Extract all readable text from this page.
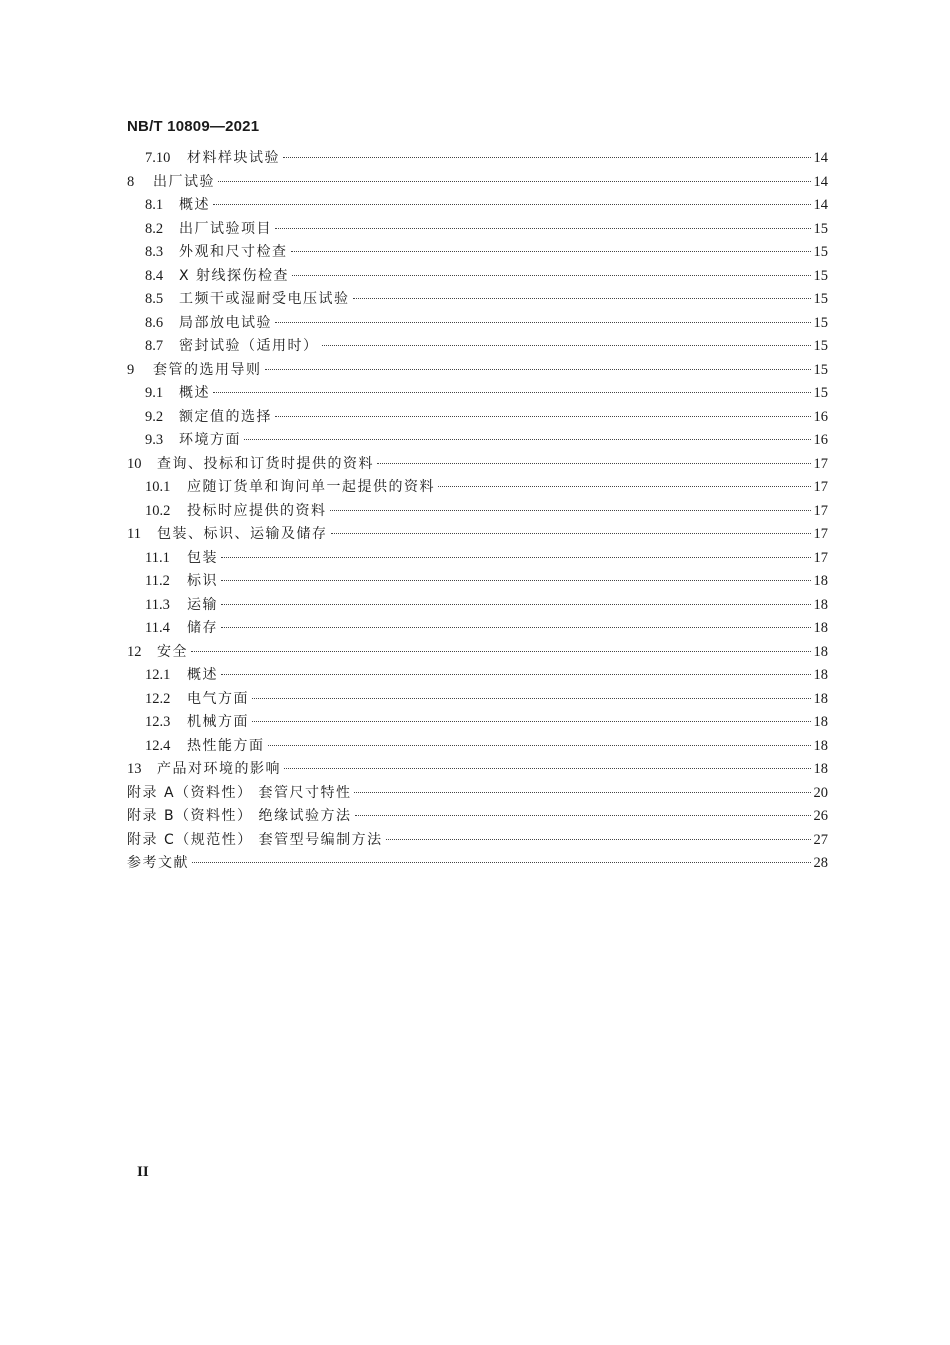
NB/T 10809—2021
7.10	材料样块试验	14
8	出厂试验	14
8.1	概述	14
8.2	出厂试验项目	15
8.3	外观和尺寸检查	15
8.4	X 射线探伤检查	15
8.5	工频干或湿耐受电压试验	15
8.6	局部放电试验	15
8.7	密封试验（适用时）	15
9	套管的选用导则	15
9.1	概述	15
9.2	额定值的选择	16
9.3	环境方面	16
10	查询、投标和订货时提供的资料	17
10.1	应随订货单和询问单一起提供的资料	17
10.2	投标时应提供的资料	17
11	包装、标识、运输及储存	17
11.1	包装	17
11.2	标识	18
11.3	运输	18
11.4	储存	18
12	安全	18
12.1	概述	18
12.2	电气方面	18
12.3	机械方面	18
12.4	热性能方面	18
13	产品对环境的影响	18
附录 A（资料性） 套管尺寸特性	20
附录 B（资料性） 绝缘试验方法	26
附录 C（规范性） 套管型号编制方法	27
参考文献	28
II
